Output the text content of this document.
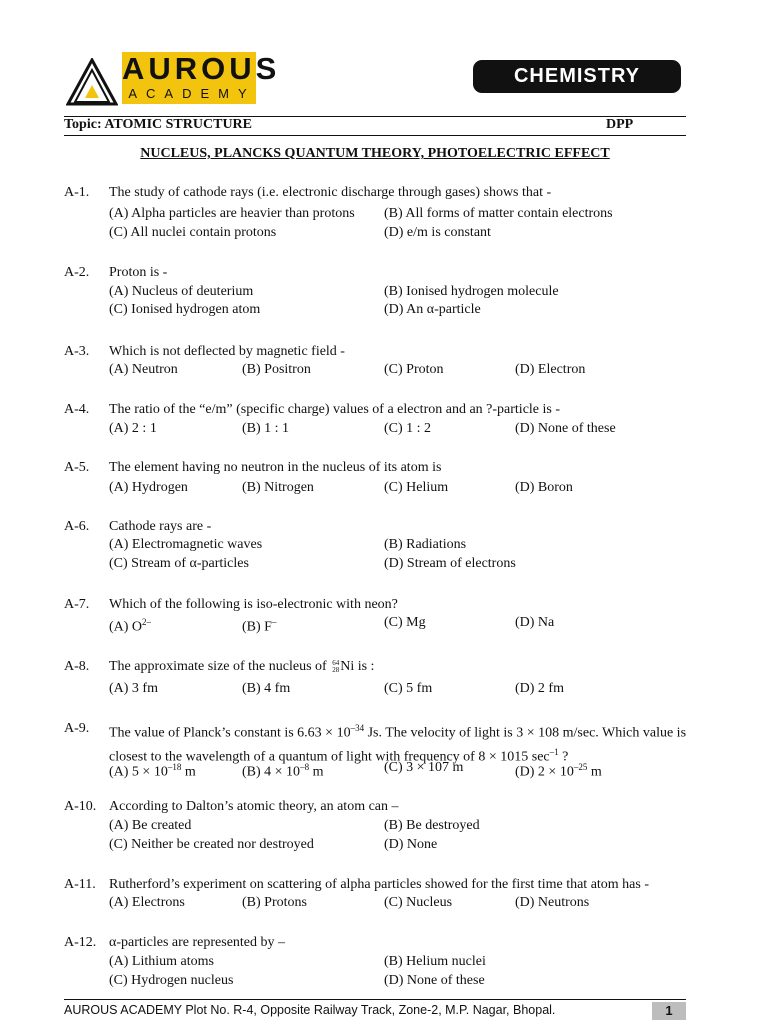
AUROUS
ACADEMY
CHEMISTRY
Topic: ATOMIC STRUCTURE	DPP
NUCLEUS, PLANCKS QUANTUM THEORY, PHOTOELECTRIC EFFECT
A-1. The study of cathode rays (i.e. electronic discharge through gases) shows that -
(A) Alpha particles are heavier than protons (B) All forms of matter contain electrons
(C) All nuclei contain protons	(D) e/m is constant
A-2. Proton is -
(A) Nucleus of deuterium	(B) Ionised hydrogen molecule
(C) Ionised hydrogen atom	(D) An α-particle
A-3. Which is not deflected by magnetic field -
(A) Neutron	(B) Positron	(C) Proton	(D) Electron
A-4. The ratio of the “e/m” (specific charge) values of a electron and an ?-particle is -
(A) 2 : 1	(B) 1 : 1	(C) 1 : 2	(D) None of these
A-5. The element having no neutron in the nucleus of its atom is
(A) Hydrogen	(B) Nitrogen	(C) Helium	(D) Boron
A-6. Cathode rays are -
(A) Electromagnetic waves	(B) Radiations
(C) Stream of α-particles	(D) Stream of electrons
A-7. Which of the following is iso-electronic with neon?
(A) $O^{2-}$	(B) F–	(C) Mg	(D) Na
A-8. The approximate size of the nucleus of 64
28Ni is :
(A) 3 fm	(B) 4 fm	(C) 5 fm	(D) 2 fm
A-9. The value of Planck’s constant is $6.63 \times 10^{-34}$ Js. The velocity of light is 3 × 108 m/sec. Which value is closest to the wavelength of a quantum of light with frequency of 8 × 1015 $\sec^{-1}$ ?
(A) $5 \times 10^{-18}$ m	(B) $4 \times 10^{-8}$ m	(C) 3 × 107 m	(D) $2 \times 10^{-25}$ m
A-10. According to Dalton’s atomic theory, an atom can –
(A) Be created	(B) Be destroyed
(C) Neither be created nor destroyed	(D) None
A-11. Rutherford’s experiment on scattering of alpha particles showed for the first time that atom has -
(A) Electrons	(B) Protons	(C) Nucleus	(D) Neutrons
A-12. α-particles are represented by –
(A) Lithium atoms	(B) Helium nuclei
(C) Hydrogen nucleus	(D) None of these
AUROUS ACADEMY Plot No. R-4, Opposite Railway Track, Zone-2, M.P. Nagar, Bhopal.	1
